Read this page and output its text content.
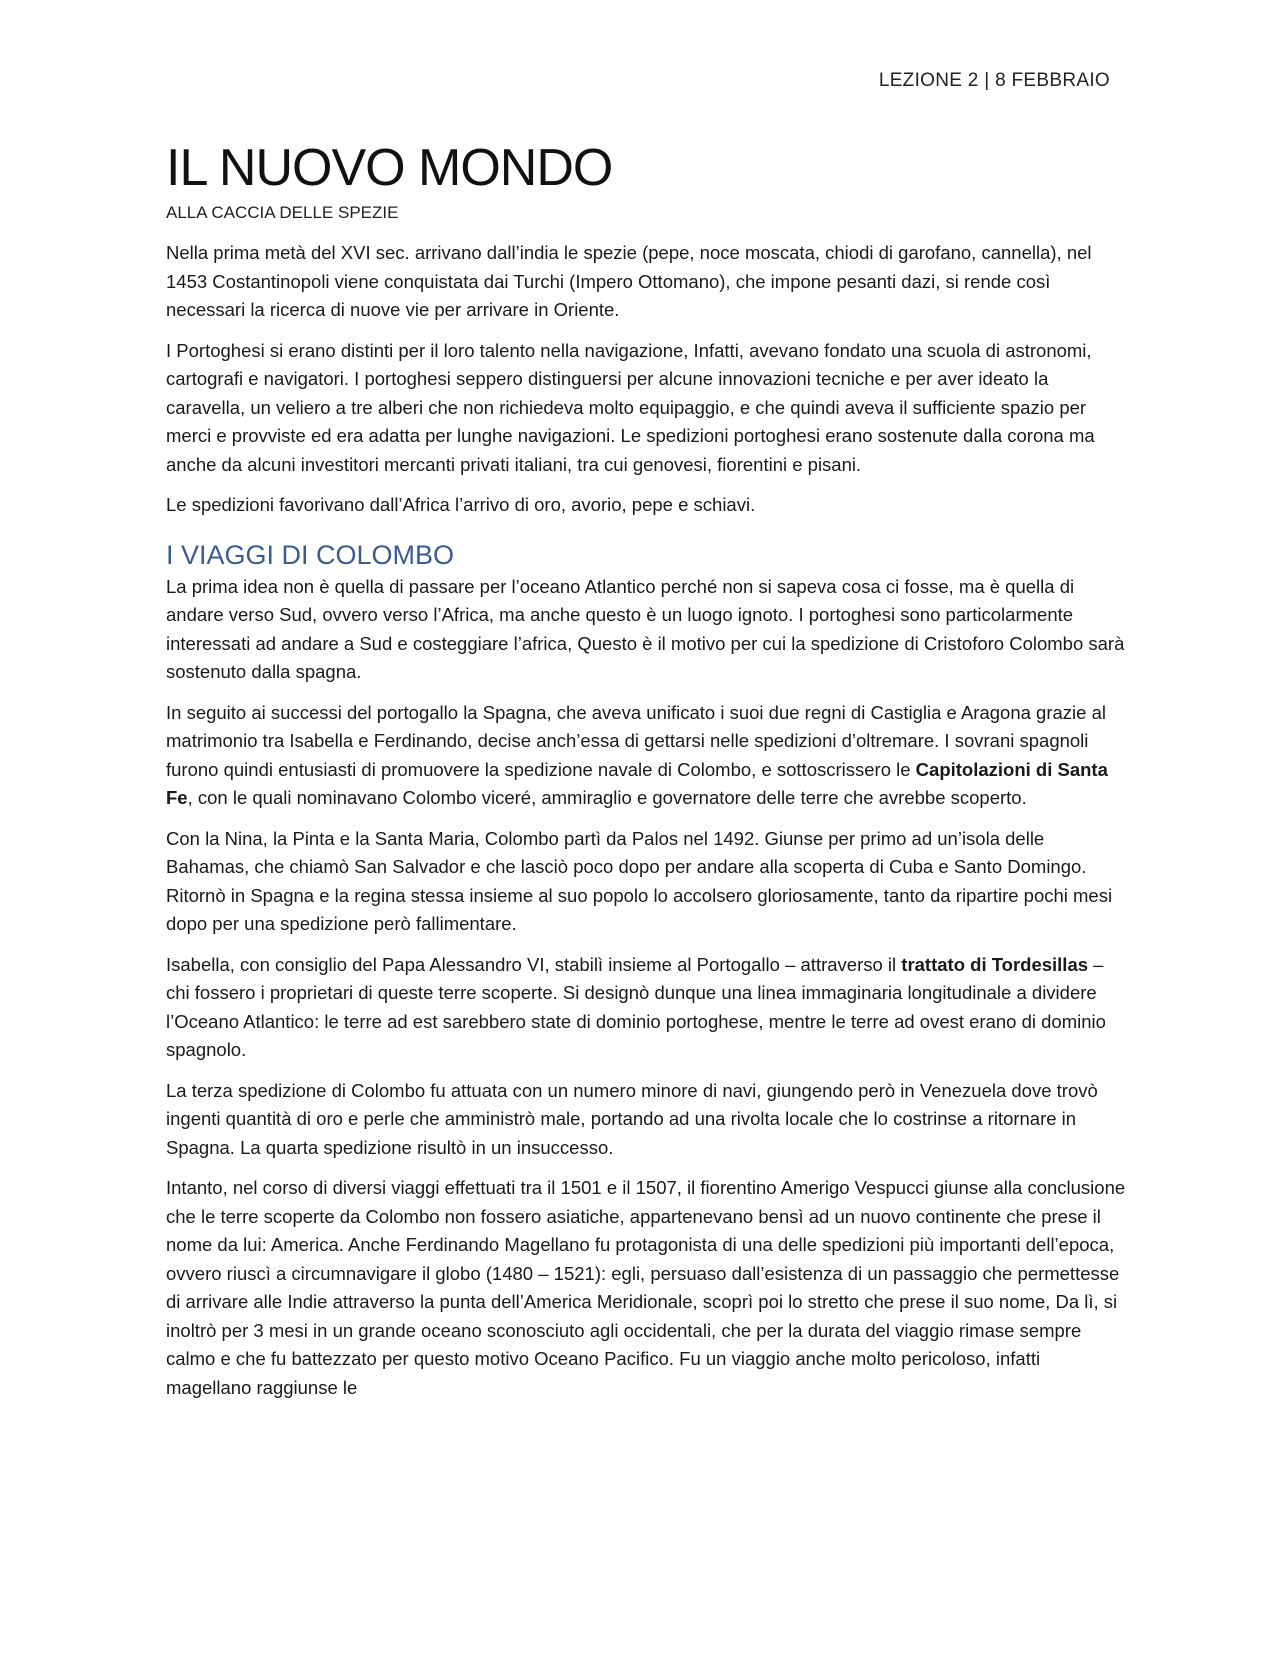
LEZIONE 2 | 8 FEBBRAIO
IL NUOVO MONDO
ALLA CACCIA DELLE SPEZIE

Nella prima metà del XVI sec. arrivano dall’india le spezie (pepe, noce moscata, chiodi di garofano, cannella), nel 1453 Costantinopoli viene conquistata dai Turchi (Impero Ottomano), che impone pesanti dazi, si rende così necessari la ricerca di nuove vie per arrivare in Oriente.

I Portoghesi si erano distinti per il loro talento nella navigazione, Infatti, avevano fondato una scuola di astronomi, cartografi e navigatori. I portoghesi seppero distinguersi per alcune innovazioni tecniche e per aver ideato la caravella, un veliero a tre alberi che non richiedeva molto equipaggio, e che quindi aveva il sufficiente spazio per merci e provviste ed era adatta per lunghe navigazioni. Le spedizioni portoghesi erano sostenute dalla corona ma anche da alcuni investitori mercanti privati italiani, tra cui genovesi, fiorentini e pisani.

Le spedizioni favorivano dall’Africa l’arrivo di oro, avorio, pepe e schiavi.

I VIAGGI DI COLOMBO

La prima idea non è quella di passare per l’oceano Atlantico perché non si sapeva cosa ci fosse, ma è quella di andare verso Sud, ovvero verso l’Africa, ma anche questo è un luogo ignoto. I portoghesi sono particolarmente interessati ad andare a Sud e costeggiare l’africa, Questo è il motivo per cui la spedizione di Cristoforo Colombo sarà sostenuto dalla spagna.

In seguito ai successi del portogallo la Spagna, che aveva unificato i suoi due regni di Castiglia e Aragona grazie al matrimonio tra Isabella e Ferdinando, decise anch’essa di gettarsi nelle spedizioni d’oltremare. I sovrani spagnoli furono quindi entusiasti di promuovere la spedizione navale di Colombo, e sottoscrissero le Capitolazioni di Santa Fe, con le quali nominavano Colombo viceré, ammiraglio e governatore delle terre che avrebbe scoperto.

Con la Nina, la Pinta e la Santa Maria, Colombo partì da Palos nel 1492. Giunse per primo ad un’isola delle Bahamas, che chiamò San Salvador e che lasciò poco dopo per andare alla scoperta di Cuba e Santo Domingo. Ritornò in Spagna e la regina stessa insieme al suo popolo lo accolsero gloriosamente, tanto da ripartire pochi mesi dopo per una spedizione però fallimentare.

Isabella, con consiglio del Papa Alessandro VI, stabilì insieme al Portogallo – attraverso il trattato di Tordesillas – chi fossero i proprietari di queste terre scoperte. Si designò dunque una linea immaginaria longitudinale a dividere l’Oceano Atlantico: le terre ad est sarebbero state di dominio portoghese, mentre le terre ad ovest erano di dominio spagnolo.

La terza spedizione di Colombo fu attuata con un numero minore di navi, giungendo però in Venezuela dove trovò ingenti quantità di oro e perle che amministrò male, portando ad una rivolta locale che lo costrinse a ritornare in Spagna. La quarta spedizione risultò in un insuccesso.

Intanto, nel corso di diversi viaggi effettuati tra il 1501 e il 1507, il fiorentino Amerigo Vespucci giunse alla conclusione che le terre scoperte da Colombo non fossero asiatiche, appartenevano bensì ad un nuovo continente che prese il nome da lui: America. Anche Ferdinando Magellano fu protagonista di una delle spedizioni più importanti dell’epoca, ovvero riuscì a circumnavigare il globo (1480 – 1521): egli, persuaso dall’esistenza di un passaggio che permettesse di arrivare alle Indie attraverso la punta dell’America Meridionale, scoprì poi lo stretto che prese il suo nome, Da lì, si inoltrò per 3 mesi in un grande oceano sconosciuto agli occidentali, che per la durata del viaggio rimase sempre calmo e che fu battezzato per questo motivo Oceano Pacifico. Fu un viaggio anche molto pericoloso, infatti magellano raggiunse le
